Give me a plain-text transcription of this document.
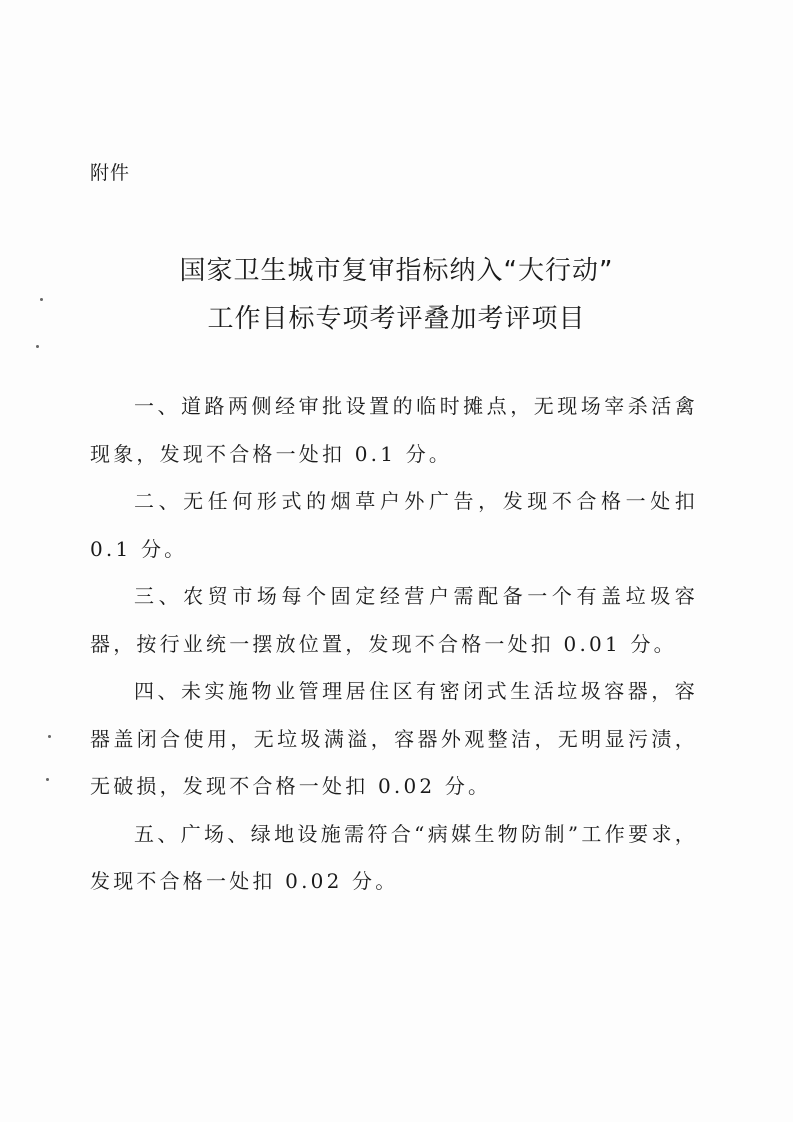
附件
国家卫生城市复审指标纳入“大行动”
工作目标专项考评叠加考评项目

一、道路两侧经审批设置的临时摊点，无现场宰杀活禽现象，发现不合格一处扣 0.1 分。

二、无任何形式的烟草户外广告，发现不合格一处扣 0.1 分。

三、农贸市场每个固定经营户需配备一个有盖垃圾容器，按行业统一摆放位置，发现不合格一处扣 0.01 分。

四、未实施物业管理居住区有密闭式生活垃圾容器，容器盖闭合使用，无垃圾满溢，容器外观整洁，无明显污渍，无破损，发现不合格一处扣 0.02 分。

五、广场、绿地设施需符合“病媒生物防制”工作要求，发现不合格一处扣 0.02 分。
